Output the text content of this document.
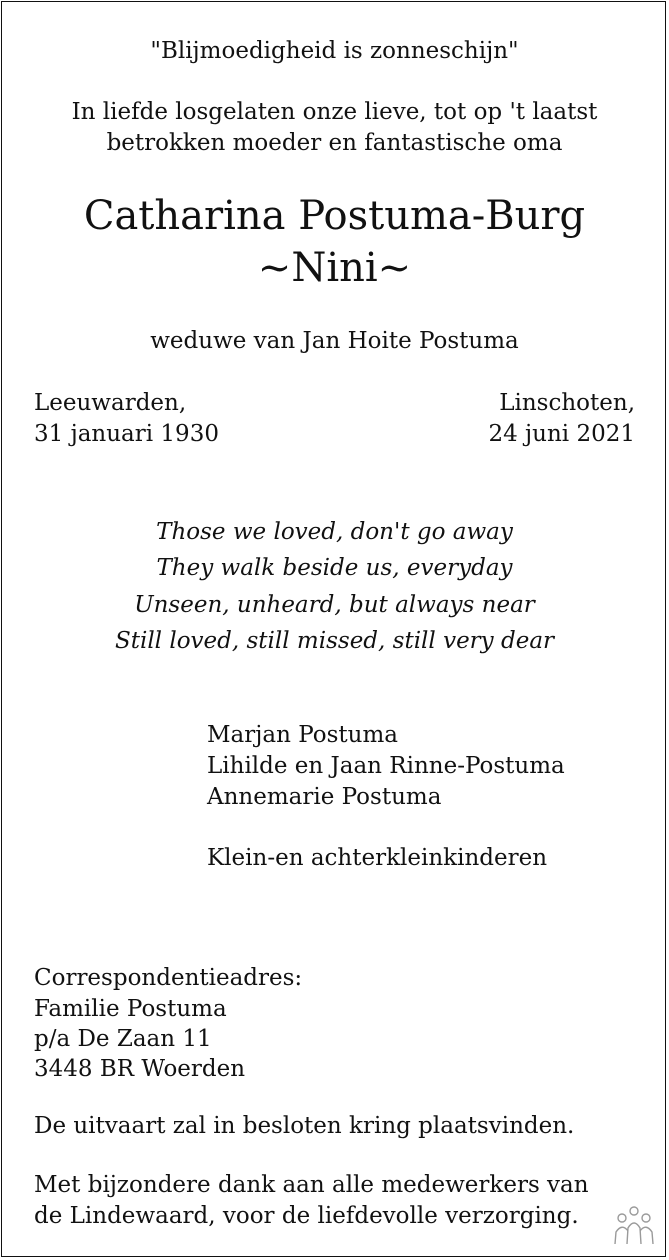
"Blijmoedigheid is zonneschijn"
In liefde losgelaten onze lieve, tot op 't laatst
betrokken moeder en fantastische oma
Catharina Postuma-Burg
~Nini~
weduwe van Jan Hoite Postuma
Leeuwarden,
31 januari 1930
Linschoten,
24 juni 2021
Those we loved, don't go away
They walk beside us, everyday
Unseen, unheard, but always near
Still loved, still missed, still very dear
Marjan Postuma
Lihilde en Jaan Rinne-Postuma
Annemarie Postuma
Klein-en achterkleinkinderen
Correspondentieadres:
Familie Postuma
p/a De Zaan 11
3448 BR Woerden
De uitvaart zal in besloten kring plaatsvinden.
Met bijzondere dank aan alle medewerkers van
de Lindewaard, voor de liefdevolle verzorging.
